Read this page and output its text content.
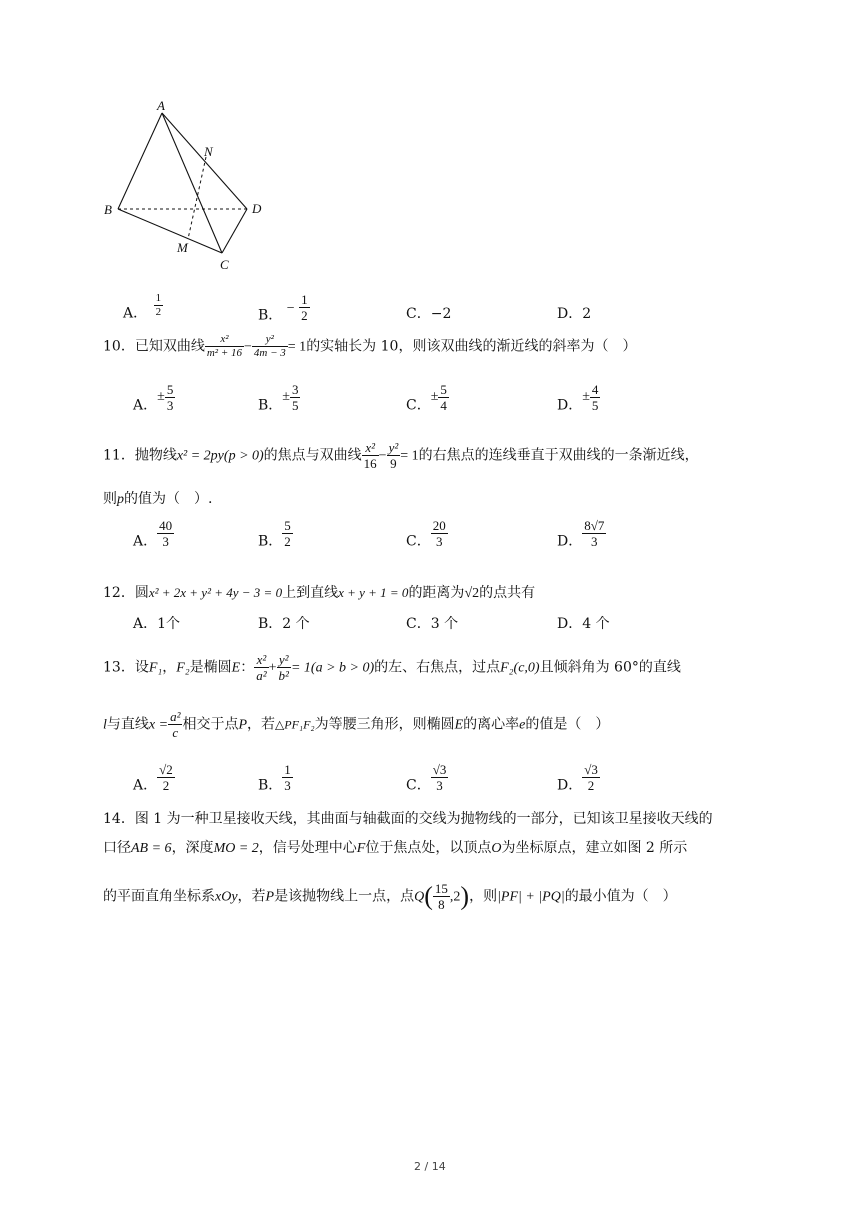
A
N
B	D
M
C
A． $\frac{1}{2}$	B． − $\frac{1}{2}$	C．−2	D．2
10．已知双曲线 $\frac{\text{x²}}{\text{m² + 16}} - \frac{\text{y²}}{4m - 3} = 1$的实轴长为 10，则该双曲线的渐近线的斜率为（　）
A．± $\frac{5}{3}$	B．± $\frac{3}{5}$	C．± $\frac{5}{4}$	D．± $\frac{4}{5}$
11．抛物线x² = 2py(p > 0)的焦点与双曲线 $\frac{\text{x²}}{16} - \frac{\text{y²}}{9} = 1$的右焦点的连线垂直于双曲线的一条渐近线，
则p的值为（　）.
A． $\frac{40}{3}$	B． $\frac{5}{2}$	C． $\frac{20}{3}$	D． $\frac{8√7}{3}$
12．圆x² + 2x + y² + 4y − 3 = 0上到直线x + y + 1 = 0的距离为√2的点共有
A．1个	B．2 个	C．3 个	D．4 个
13．设F₁，F₂是椭圆E： $\frac{\text{x²}}{\text{a²}} + \frac{\text{y²}}{\text{b²}} = 1(a > b > 0)$的左、右焦点，过点F₂(c,0)且倾斜角为 60°的直线
l与直线$x = \frac{\text{a²}}{c}$ 相交于点P，若△PF₁F₂为等腰三角形，则椭圆E的离心率e的值是（　）
A． $\frac{√2}{2}$	B． $\frac{1}{3}$	C． $\frac{√3}{3}$	D． $\frac{√3}{2}$
14．图 1 为一种卫星接收天线，其曲面与轴截面的交线为抛物线的一部分，已知该卫星接收天线的
口径AB = 6，深度MO = 2，信号处理中心F位于焦点处，以顶点O为坐标原点，建立如图 2 所示
的平面直角坐标系xOy，若P是该抛物线上一点，点$Q( \frac{15}{8} ,2)$，则|PF| + |PQ|的最小值为（　）
2 / 14
